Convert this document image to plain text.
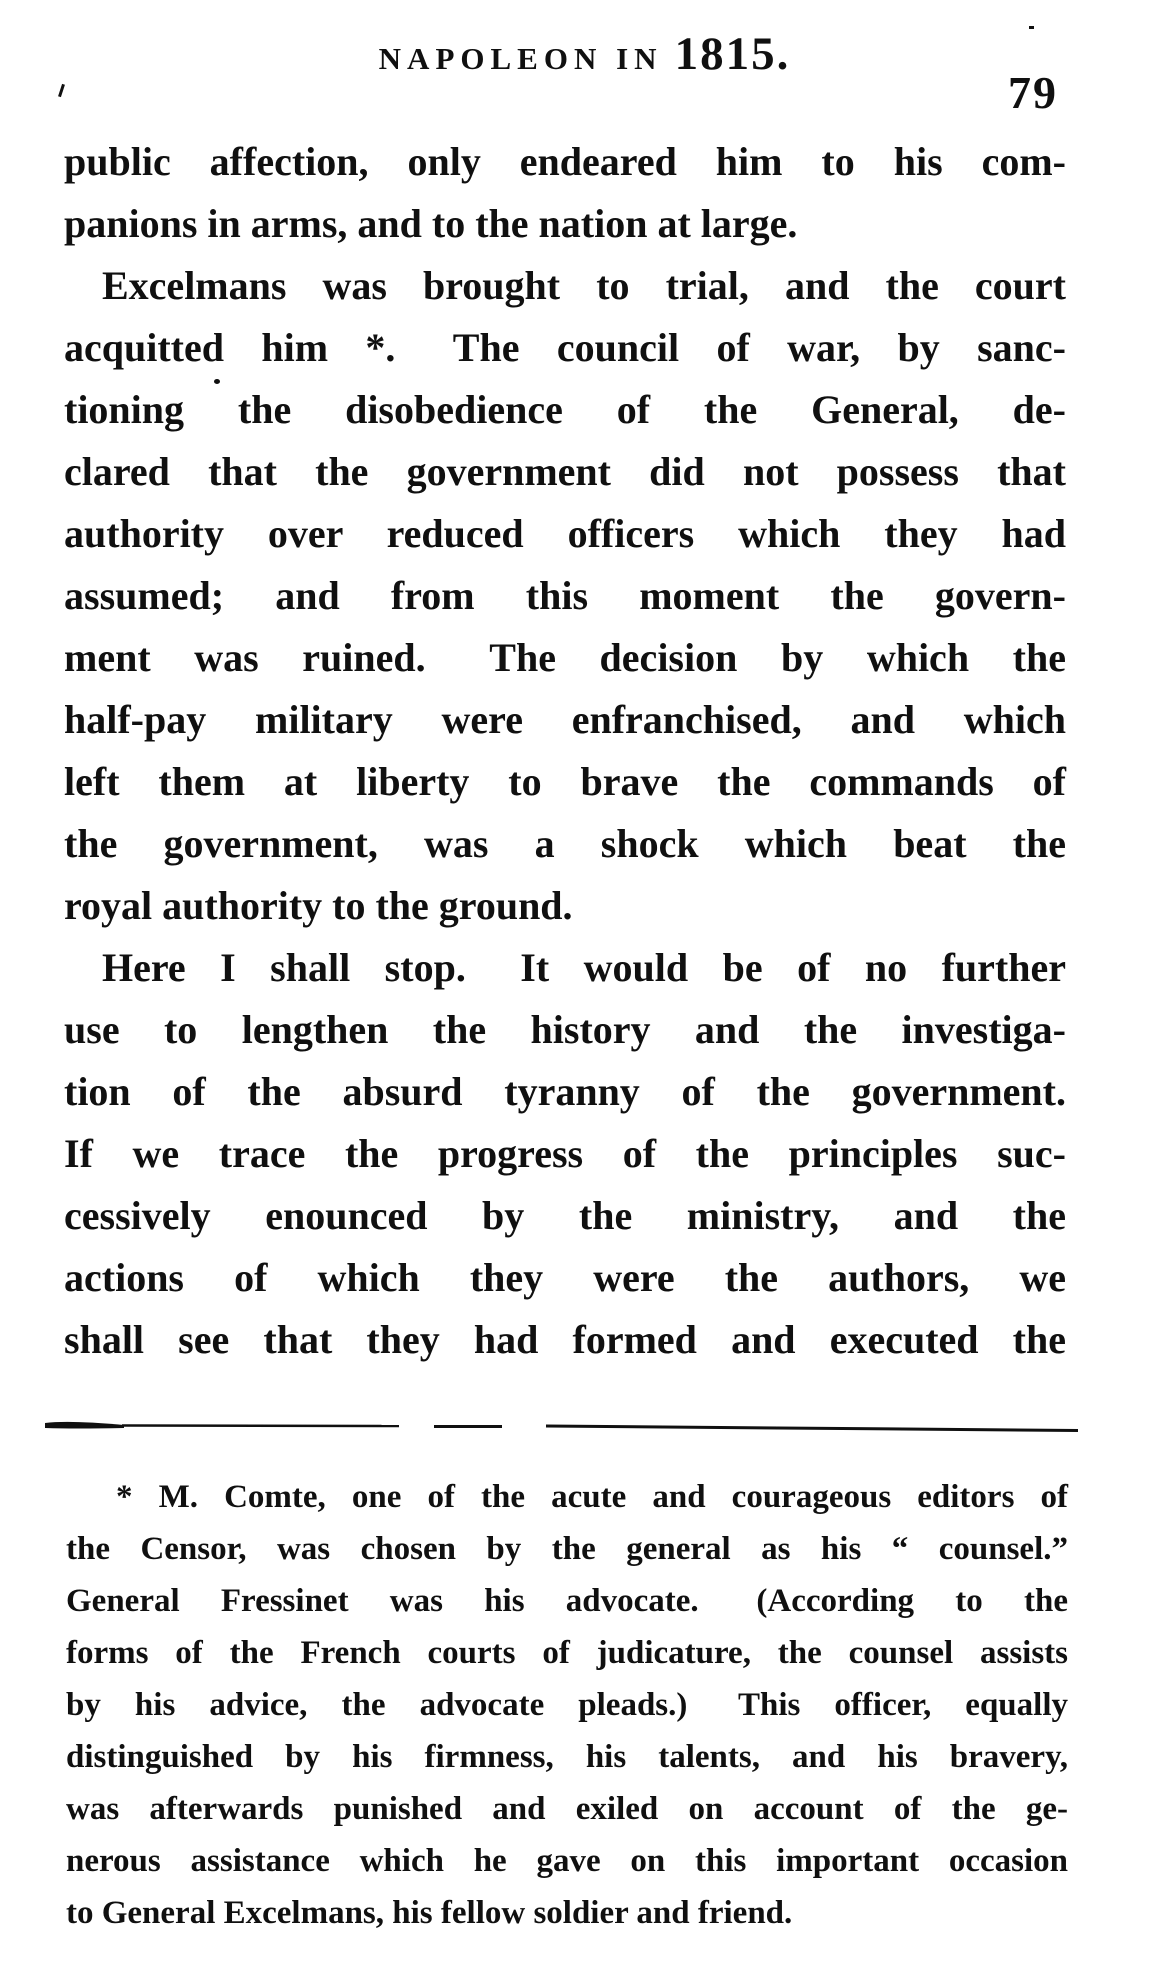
NAPOLEON IN 1815.
79
public affection, only endeared him to his com-
panions in arms, and to the nation at large.
Excelmans was brought to trial, and the court
acquitted him *.  The council of war, by sanc-
tioning the disobedience of the General, de-
clared that the government did not possess that
authority over reduced officers which they had
assumed; and from this moment the govern-
ment was ruined.  The decision by which the
half-pay military were enfranchised, and which
left them at liberty to brave the commands of
the government, was a shock which beat the
royal authority to the ground.
Here I shall stop.  It would be of no further
use to lengthen the history and the investiga-
tion of the absurd tyranny of the government.
If we trace the progress of the principles suc-
cessively enounced by the ministry, and the
actions of which they were the authors, we
shall see that they had formed and executed the
* M. Comte, one of the acute and courageous editors of
the Censor, was chosen by the general as his “ counsel.”
General Fressinet was his advocate.  (According to the
forms of the French courts of judicature, the counsel assists
by his advice, the advocate pleads.)  This officer, equally
distinguished by his firmness, his talents, and his bravery,
was afterwards punished and exiled on account of the ge-
nerous assistance which he gave on this important occasion
to General Excelmans, his fellow soldier and friend.
